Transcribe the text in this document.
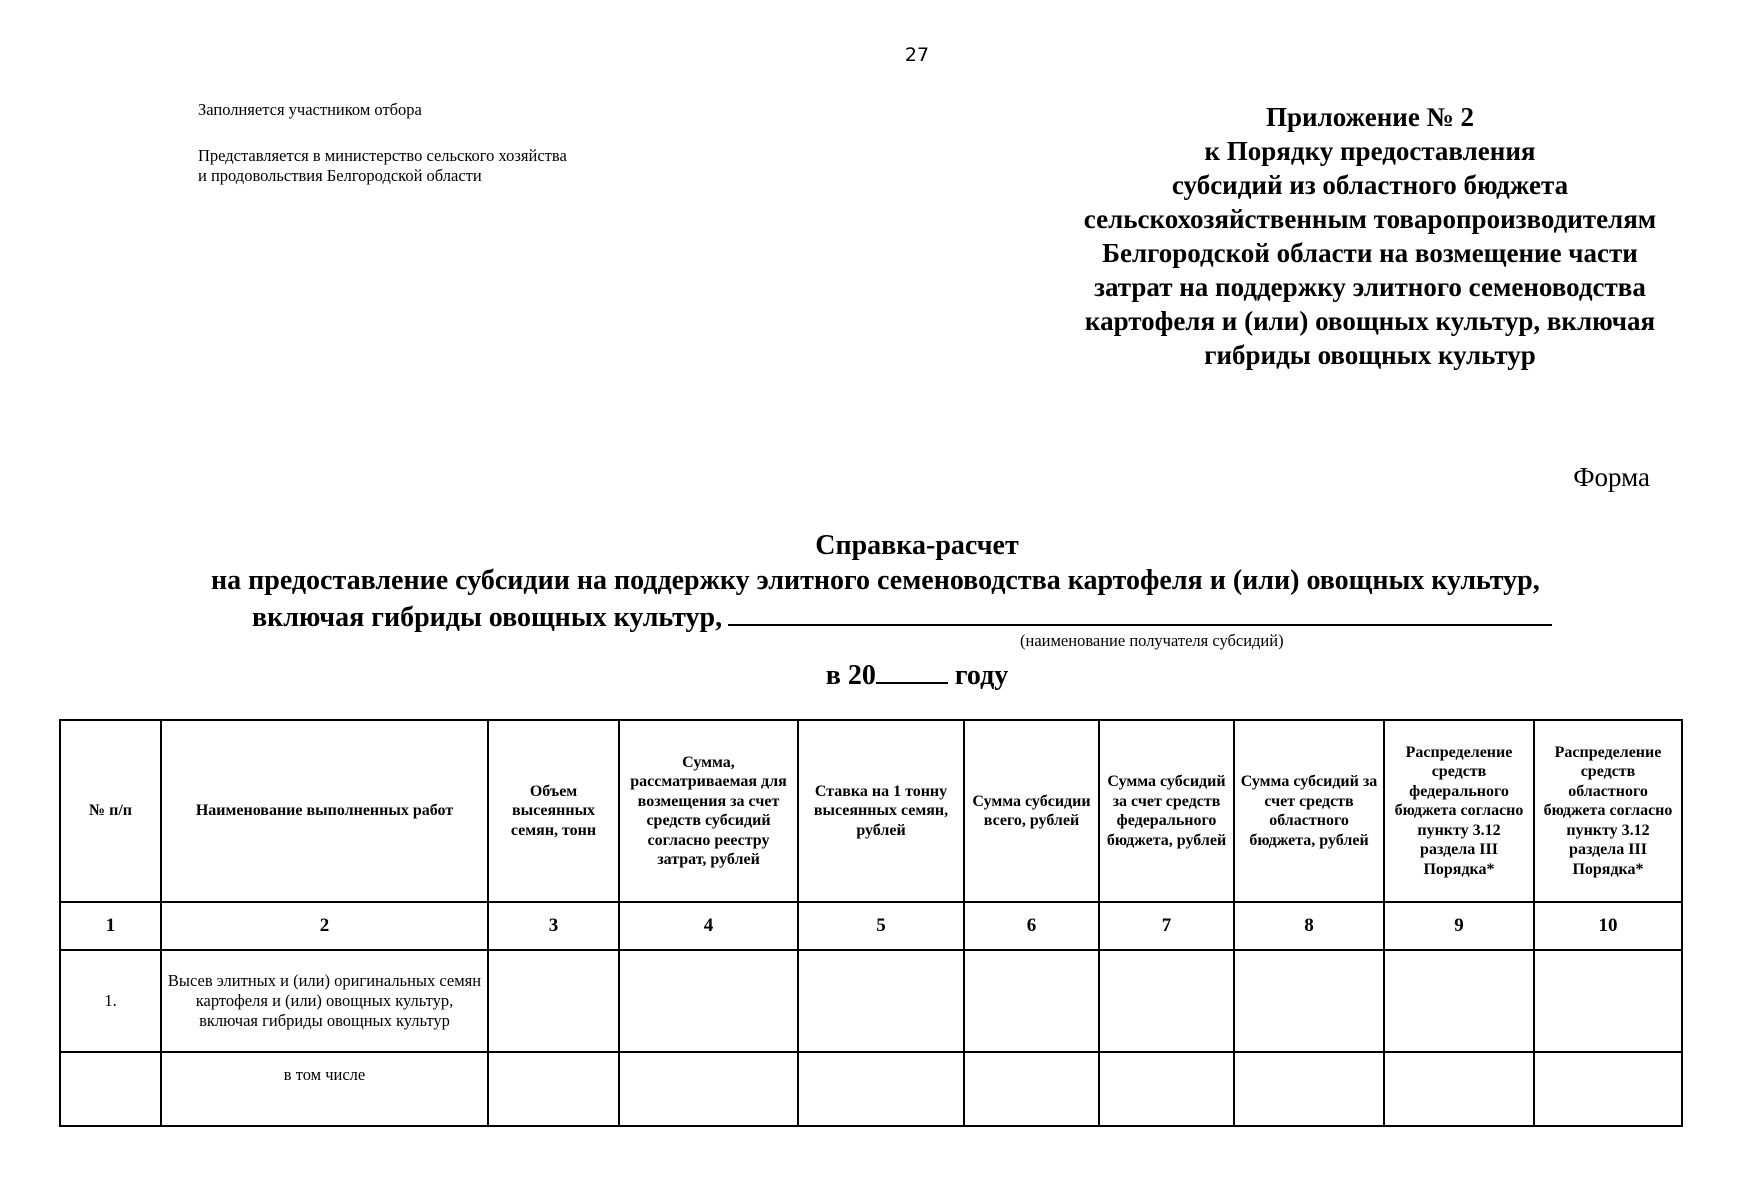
27
Заполняется участником отбора
Представляется в министерство сельского хозяйства
и продовольствия Белгородской области
Приложение № 2
к Порядку предоставления
субсидий из областного бюджета
сельскохозяйственным товаропроизводителям
Белгородской области на возмещение части
затрат на поддержку элитного семеноводства
картофеля и (или) овощных культур, включая
гибриды овощных культур
Форма
Справка-расчет
на предоставление субсидии на поддержку элитного семеноводства картофеля и (или) овощных культур,
включая гибриды овощных культур,
(наименование получателя субсидий)
в 20	году
№ п/п	Наименование выполненных работ	Объем высеянных семян, тонн	Сумма, рассматриваемая для возмещения за счет средств субсидий согласно реестру затрат, рублей	Ставка на 1 тонну высеянных семян, рублей	Сумма субсидии всего, рублей	Сумма субсидий за счет средств федерального бюджета, рублей	Сумма субсидий за счет средств областного бюджета, рублей	Распределение средств федерального бюджета согласно пункту 3.12 раздела III Порядка*	Распределение средств областного бюджета согласно пункту 3.12 раздела III Порядка*
1	2	3	4	5	6	7	8	9	10
1.	Высев элитных и (или) оригинальных семян картофеля и (или) овощных культур, включая гибриды овощных культур								
	в том числе								
